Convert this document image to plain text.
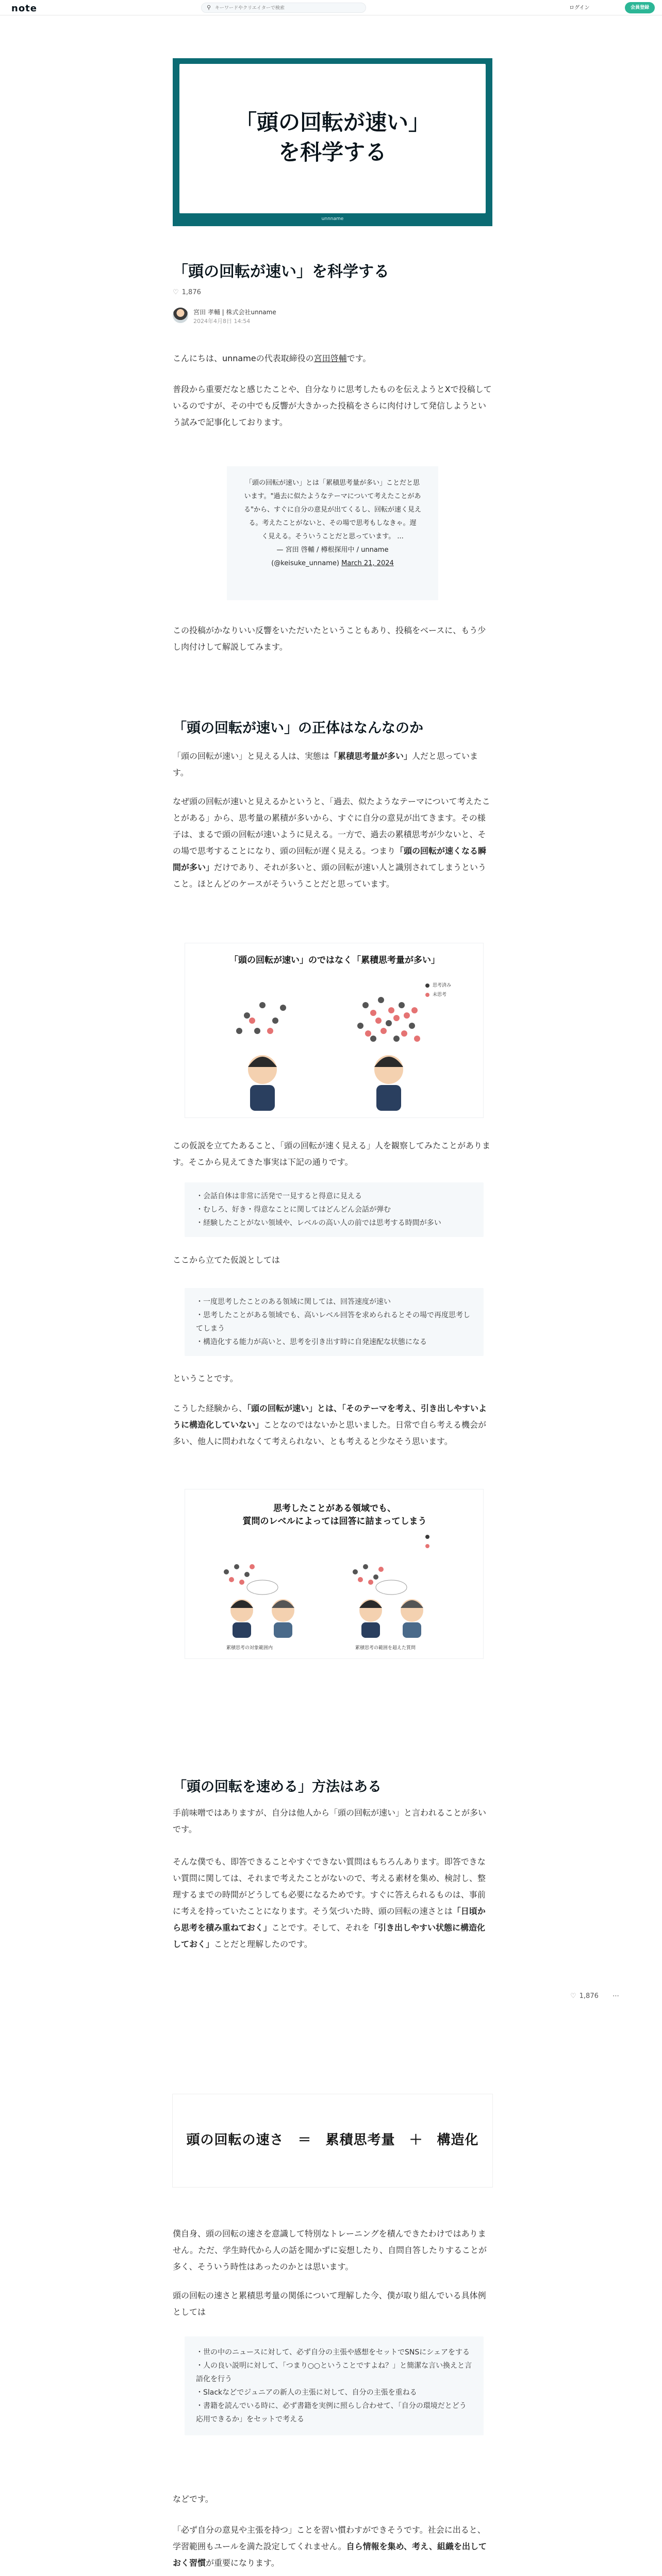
note	⚲
キーワードやクリエイターで検索	ログイン	会員登録
「頭の回転が速い」
を科学する
unnname
「頭の回転が速い」を科学する
♡ 1,876
宮田 孝輔 | 株式会社unname
2024年4月8日 14:54
こんにちは、unnameの代表取締役の宮田啓輔です。
普段から重要だなと感じたことや、自分なりに思考したものを伝えようとXで投稿しているのですが、その中でも反響が大きかった投稿をさらに肉付けして発信しようという試みで記事化しております。
「頭の回転が速い」とは「累積思考量が多い」ことだと思
います。"過去に似たようなテーマについて考えたことがあ
る"から、すぐに自分の意見が出てくるし、回転が速く見え
る。考えたことがないと、その場で思考もしなきゃ。遅
く見える。そういうことだと思っています。 ...
— 宮田 啓輔 / 樽根探用中 / unname
(@keisuke_unname) March 21, 2024
この投稿がかなりいい反響をいただいたということもあり、投稿をベースに、もう少し肉付けして解説してみます。
「頭の回転が速い」の正体はなんなのか
「頭の回転が速い」と見える人は、実態は「累積思考量が多い」人だと思っています。
なぜ頭の回転が速いと見えるかというと、「過去、似たようなテーマについて考えたことがある」から、思考量の累積が多いから、すぐに自分の意見が出てきます。その様子は、まるで頭の回転が速いように見える。一方で、過去の累積思考が少ないと、その場で思考することになり、頭の回転が遅く見える。つまり「頭の回転が速くなる瞬間が多い」だけであり、それが多いと、頭の回転が速い人と識別されてしまうということ。ほとんどのケースがそういうことだと思っています。
「頭の回転が速い」のではなく「累積思考量が多い」
思考済み
未思考
この仮説を立てたあること、「頭の回転が速く見える」人を観察してみたことがあります。そこから見えてきた事実は下記の通りです。
・ 会話自体は非常に活発で一見すると得意に見える
・ むしろ、好き・得意なことに関してはどんどん会話が弾む
・ 経験したことがない領域や、レベルの高い人の前では思考する時間が多い
ここから立てた仮説としては
・ 一度思考したことのある領域に関しては、回答速度が速い
・ 思考したことがある領域でも、高いレベル回答を求められるとその場で再度思考してしまう
・ 構造化する能力が高いと、思考を引き出す時に自発速配な状態になる
ということです。
こうした経験から、「頭の回転が速い」とは、「そのテーマを考え、引き出しやすいように構造化していない」ことなのではないかと思いました。日常で自ら考える機会が多い、他人に問われなくて考えられない、とも考えると少なそう思います。
思考したことがある領域でも、
質問のレベルによっては回答に詰まってしまう
累積思考の対象範囲内	累積思考の範囲を超えた質問
「頭の回転を速める」方法はある
手前味噌ではありますが、自分は他人から「頭の回転が速い」と言われることが多いです。
そんな僕でも、即答できることやすぐできない質問はもちろんあります。即答できない質問に関しては、それまで考えたことがないので、考える素材を集め、検討し、整理するまでの時間がどうしても必要になるためです。すぐに答えられるものは、事前に考えを持っていたことになります。そう気づいた時、頭の回転の速さとは「日頃から思考を積み重ねておく」ことです。そして、それを「引き出しやすい状態に構造化しておく」ことだと理解したのです。
♡ 1,876 ⋯
頭の回転の速さ　＝　累積思考量　＋　構造化
僕自身、頭の回転の速さを意識して特別なトレーニングを積んできたわけではありません。ただ、学生時代から人の話を聞かずに妄想したり、自問自答したりすることが多く、そういう時性はあったのかとは思います。
頭の回転の速さと累積思考量の関係について理解した今、僕が取り組んでいる具体例としては
・ 世の中のニュースに対して、必ず自分の主張や感想をセットでSNSにシェアをする
・ 人の良い説明に対して、「つまり○○ということですよね？」と簡潔な言い換えと言語化を行う
・ Slackなどでジュニアの新人の主張に対して、自分の主張を重ねる
・ 書籍を読んでいる時に、必ず書籍を実例に照らし合わせて、「自分の環境だとどう応用できるか」をセットで考える
などです。
「必ず自分の意見や主張を持つ」ことを習い慣わすができそうです。社会に出ると、学習範囲もユールを満た設定してくれません。自ら情報を集め、考え、組織を出しておく習慣が重要になります。
